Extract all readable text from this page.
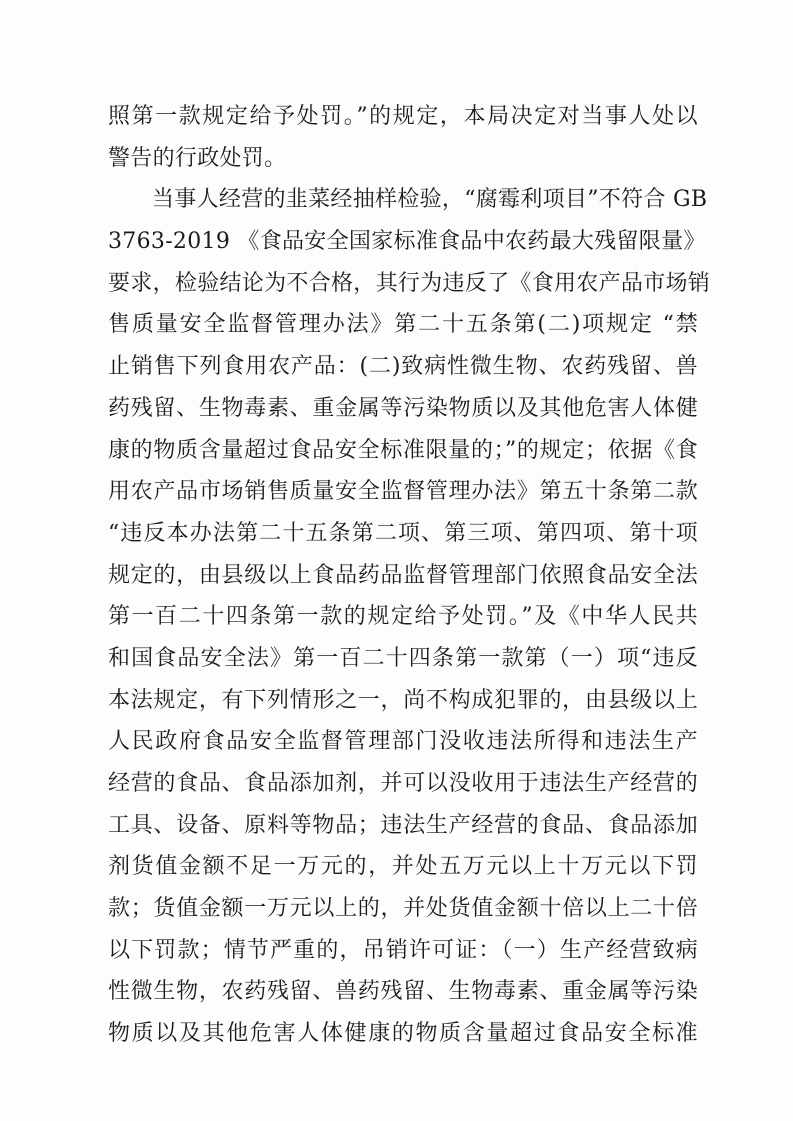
照第一款规定给予处罚。”的规定，本局决定对当事人处以
警告的行政处罚。
当事人经营的韭菜经抽样检验，“腐霉利项目”不符合 GB
3763-2019 《食品安全国家标准食品中农药最大残留限量》
要求，检验结论为不合格，其行为违反了《食用农产品市场销
售质量安全监督管理办法》第二十五条第(二)项规定 “禁
止销售下列食用农产品：(二)致病性微生物、农药残留、兽
药残留、生物毒素、重金属等污染物质以及其他危害人体健
康的物质含量超过食品安全标准限量的；”的规定；依据《食
用农产品市场销售质量安全监督管理办法》第五十条第二款
“违反本办法第二十五条第二项、第三项、第四项、第十项
规定的，由县级以上食品药品监督管理部门依照食品安全法
第一百二十四条第一款的规定给予处罚。”及《中华人民共
和国食品安全法》第一百二十四条第一款第（一）项“违反
本法规定，有下列情形之一，尚不构成犯罪的，由县级以上
人民政府食品安全监督管理部门没收违法所得和违法生产
经营的食品、食品添加剂，并可以没收用于违法生产经营的
工具、设备、原料等物品；违法生产经营的食品、食品添加
剂货值金额不足一万元的，并处五万元以上十万元以下罚
款；货值金额一万元以上的，并处货值金额十倍以上二十倍
以下罚款；情节严重的，吊销许可证：（一）生产经营致病
性微生物，农药残留、兽药残留、生物毒素、重金属等污染
物质以及其他危害人体健康的物质含量超过食品安全标准
